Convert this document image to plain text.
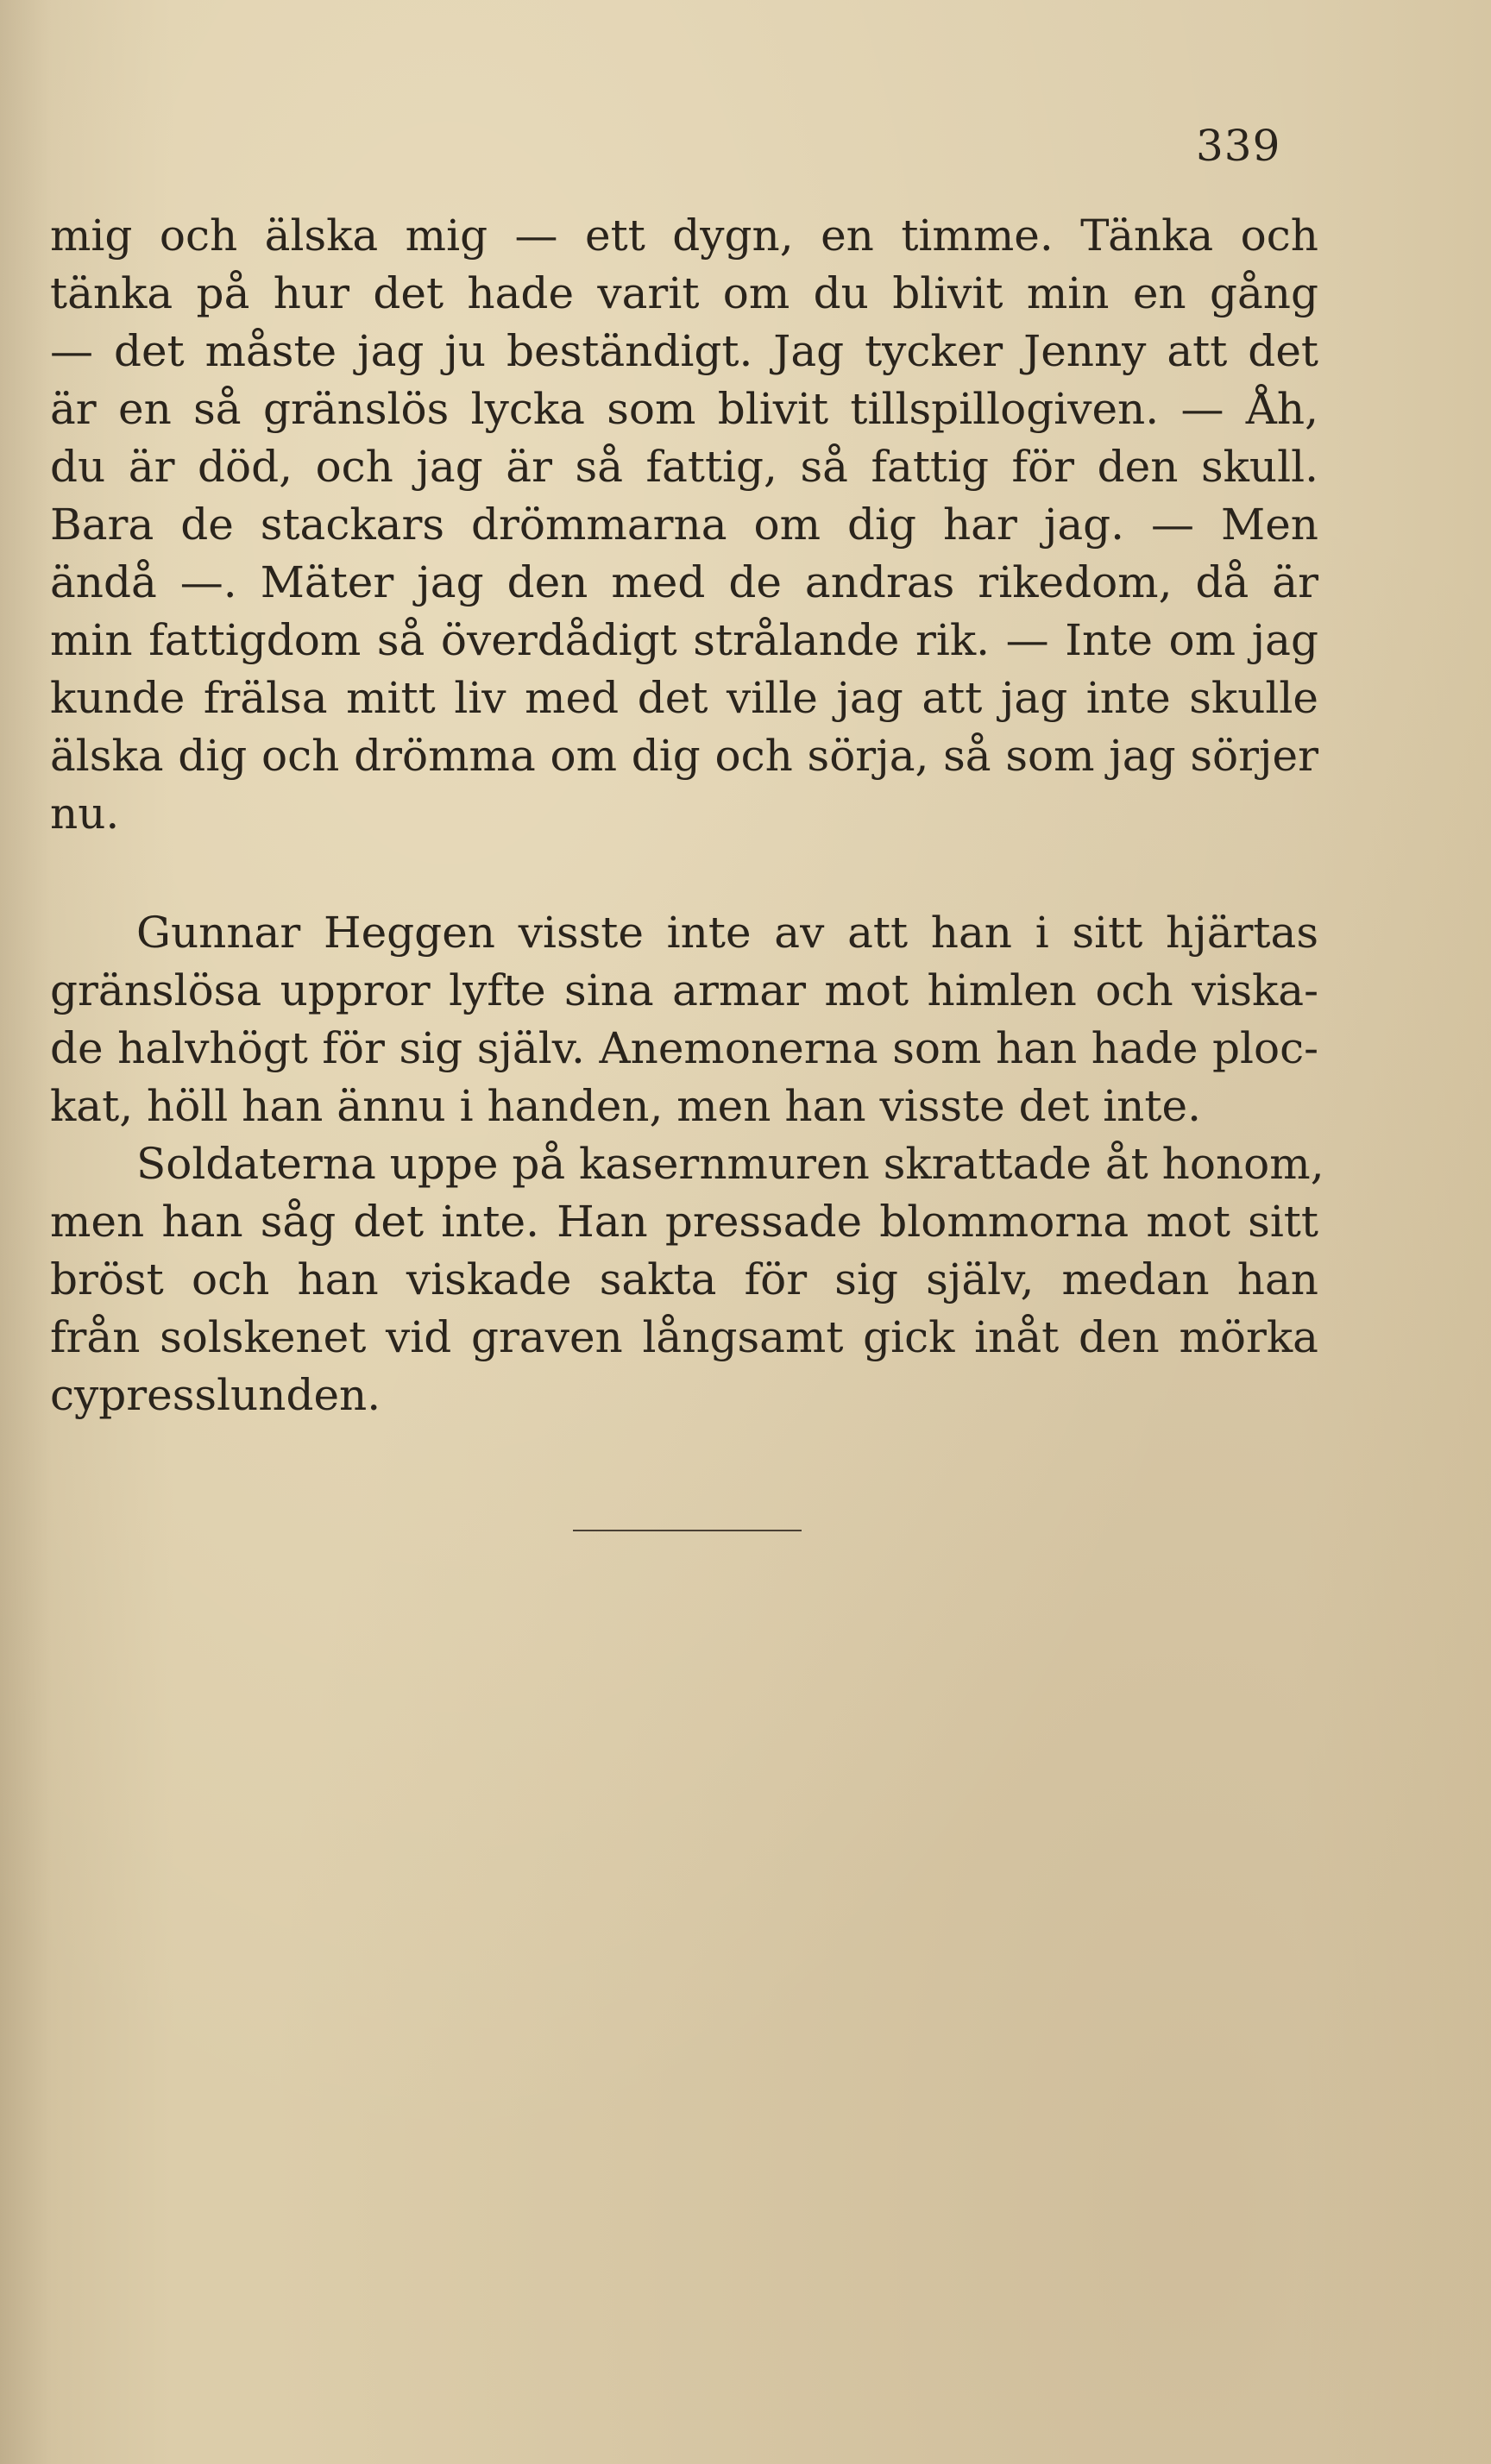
339
mig och älska mig — ett dygn, en timme. Tänka och
tänka på hur det hade varit om du blivit min en gång
— det måste jag ju beständigt. Jag tycker Jenny att det
är en så gränslös lycka som blivit tillspillogiven. — Åh,
du är död, och jag är så fattig, så fattig för den skull.
Bara de stackars drömmarna om dig har jag. — Men
ändå —. Mäter jag den med de andras rikedom, då är
min fattigdom så överdådigt strålande rik. — Inte om jag
kunde frälsa mitt liv med det ville jag att jag inte skulle
älska dig och drömma om dig och sörja, så som jag sörjer
nu.
Gunnar Heggen visste inte av att han i sitt hjärtas
gränslösa uppror lyfte sina armar mot himlen och viska-
de halvhögt för sig själv. Anemonerna som han hade ploc-
kat, höll han ännu i handen, men han visste det inte.
Soldaterna uppe på kasernmuren skrattade åt honom,
men han såg det inte. Han pressade blommorna mot sitt
bröst och han viskade sakta för sig själv, medan han
från solskenet vid graven långsamt gick inåt den mörka
cypresslunden.
